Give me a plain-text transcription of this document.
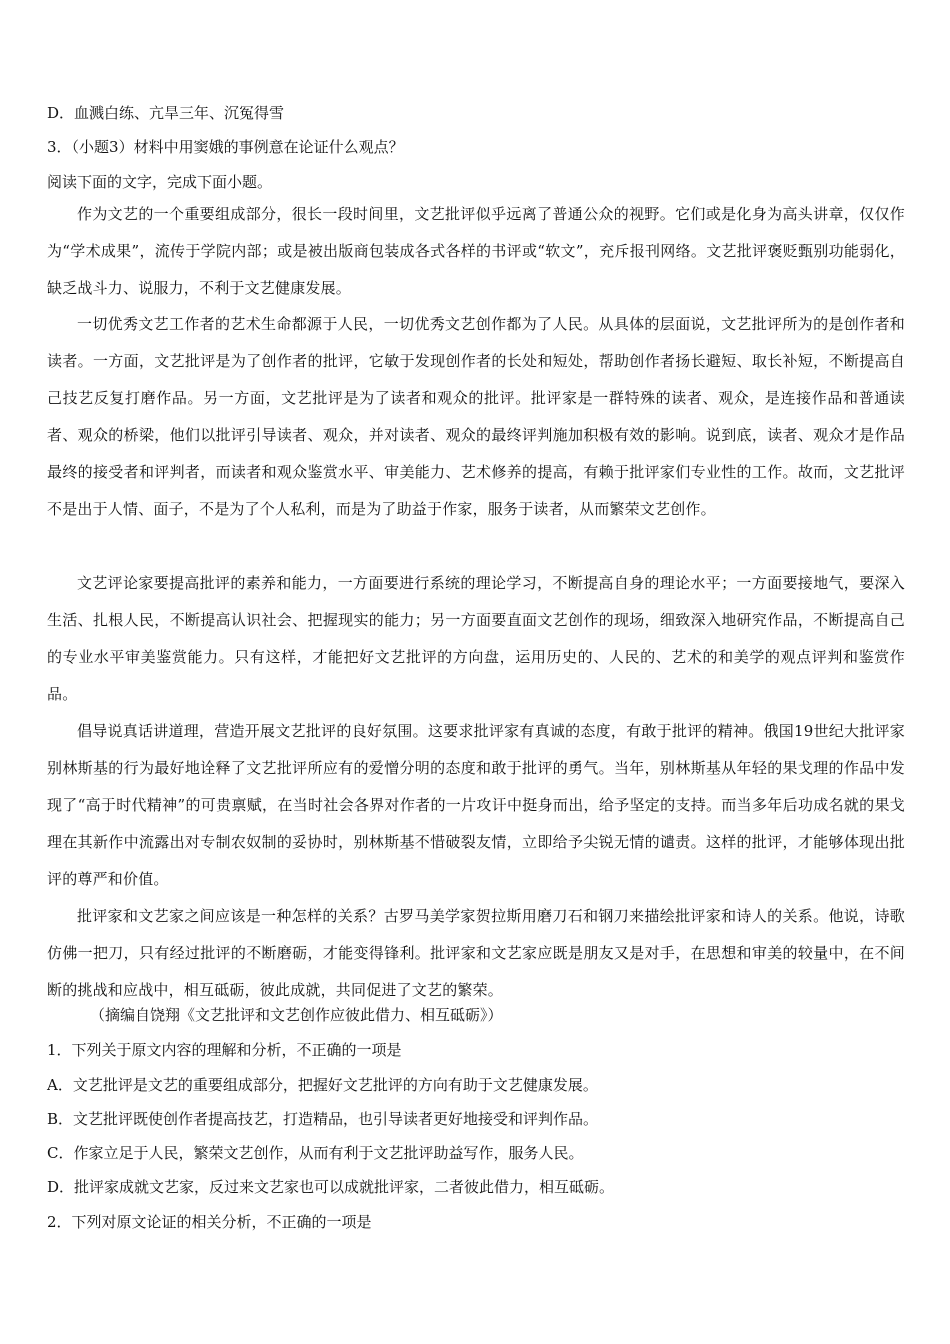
D．血溅白练、亢旱三年、沉冤得雪
3．（小题3）材料中用窦娥的事例意在论证什么观点？
阅读下面的文字，完成下面小题。
作为文艺的一个重要组成部分，很长一段时间里，文艺批评似乎远离了普通公众的视野。它们或是化身为高头讲章，仅仅作为“学术成果”，流传于学院内部；或是被出版商包装成各式各样的书评或“软文”，充斥报刊网络。文艺批评褒贬甄别功能弱化，缺乏战斗力、说服力，不利于文艺健康发展。
一切优秀文艺工作者的艺术生命都源于人民，一切优秀文艺创作都为了人民。从具体的层面说，文艺批评所为的是创作者和读者。一方面，文艺批评是为了创作者的批评，它敏于发现创作者的长处和短处，帮助创作者扬长避短、取长补短，不断提高自己技艺反复打磨作品。另一方面，文艺批评是为了读者和观众的批评。批评家是一群特殊的读者、观众，是连接作品和普通读者、观众的桥梁，他们以批评引导读者、观众，并对读者、观众的最终评判施加积极有效的影响。说到底，读者、观众才是作品最终的接受者和评判者，而读者和观众鉴赏水平、审美能力、艺术修养的提高，有赖于批评家们专业性的工作。故而，文艺批评不是出于人情、面子，不是为了个人私利，而是为了助益于作家，服务于读者，从而繁荣文艺创作。
文艺评论家要提高批评的素养和能力，一方面要进行系统的理论学习，不断提高自身的理论水平；一方面要接地气，要深入生活、扎根人民，不断提高认识社会、把握现实的能力；另一方面要直面文艺创作的现场，细致深入地研究作品，不断提高自己的专业水平审美鉴赏能力。只有这样，才能把好文艺批评的方向盘，运用历史的、人民的、艺术的和美学的观点评判和鉴赏作品。
倡导说真话讲道理，营造开展文艺批评的良好氛围。这要求批评家有真诚的态度，有敢于批评的精神。俄国19世纪大批评家别林斯基的行为最好地诠释了文艺批评所应有的爱憎分明的态度和敢于批评的勇气。当年，别林斯基从年轻的果戈理的作品中发现了“高于时代精神”的可贵禀赋，在当时社会各界对作者的一片攻讦中挺身而出，给予坚定的支持。而当多年后功成名就的果戈理在其新作中流露出对专制农奴制的妥协时，别林斯基不惜破裂友情，立即给予尖锐无情的谴责。这样的批评，才能够体现出批评的尊严和价值。
批评家和文艺家之间应该是一种怎样的关系？古罗马美学家贺拉斯用磨刀石和钢刀来描绘批评家和诗人的关系。他说，诗歌仿佛一把刀，只有经过批评的不断磨砺，才能变得锋利。批评家和文艺家应既是朋友又是对手，在思想和审美的较量中，在不间断的挑战和应战中，相互砥砺，彼此成就，共同促进了文艺的繁荣。
（摘编自饶翔《文艺批评和文艺创作应彼此借力、相互砥砺》）
1．下列关于原文内容的理解和分析，不正确的一项是
A．文艺批评是文艺的重要组成部分，把握好文艺批评的方向有助于文艺健康发展。
B．文艺批评既使创作者提高技艺，打造精品，也引导读者更好地接受和评判作品。
C．作家立足于人民，繁荣文艺创作，从而有利于文艺批评助益写作，服务人民。
D．批评家成就文艺家，反过来文艺家也可以成就批评家，二者彼此借力，相互砥砺。
2．下列对原文论证的相关分析，不正确的一项是
